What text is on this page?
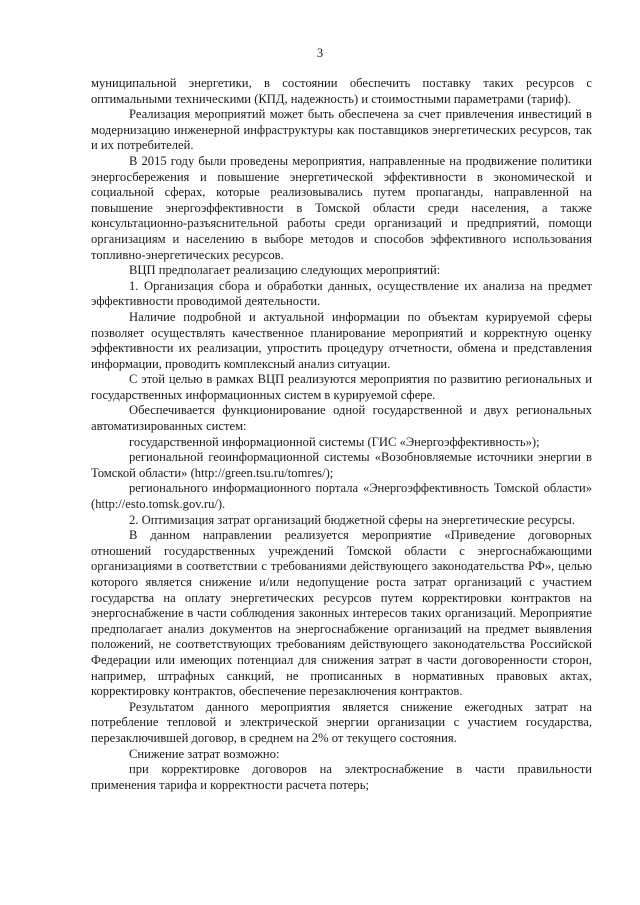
3

муниципальной энергетики, в состоянии обеспечить поставку таких ресурсов с оптимальными техническими (КПД, надежность) и стоимостными параметрами (тариф).

Реализация мероприятий может быть обеспечена за счет привлечения инвестиций в модернизацию инженерной инфраструктуры как поставщиков энергетических ресурсов, так и их потребителей.

В 2015 году были проведены мероприятия, направленные на продвижение политики энергосбережения и повышение энергетической эффективности в экономической и социальной сферах, которые реализовывались путем пропаганды, направленной на повышение энергоэффективности в Томской области среди населения, а также консультационно-разъяснительной работы среди организаций и предприятий, помощи организациям и населению в выборе методов и способов эффективного использования топливно-энергетических ресурсов.

ВЦП предполагает реализацию следующих мероприятий:

1. Организация сбора и обработки данных, осуществление их анализа на предмет эффективности проводимой деятельности.

Наличие подробной и актуальной информации по объектам курируемой сферы позволяет осуществлять качественное планирование мероприятий и корректную оценку эффективности их реализации, упростить процедуру отчетности, обмена и представления информации, проводить комплексный анализ ситуации.

С этой целью в рамках ВЦП реализуются мероприятия по развитию региональных и государственных информационных систем в курируемой сфере.

Обеспечивается функционирование одной государственной и двух региональных автоматизированных систем:

государственной информационной системы (ГИС «Энергоэффективность»);

региональной геоинформационной системы «Возобновляемые источники энергии в Томской области» (http://green.tsu.ru/tomres/);

регионального информационного портала «Энергоэффективность Томской области» (http://esto.tomsk.gov.ru/).

2. Оптимизация затрат организаций бюджетной сферы на энергетические ресурсы.

В данном направлении реализуется мероприятие «Приведение договорных отношений государственных учреждений Томской области с энергоснабжающими организациями в соответствии с требованиями действующего законодательства РФ», целью которого является снижение и/или недопущение роста затрат организаций с участием государства на оплату энергетических ресурсов путем корректировки контрактов на энергоснабжение в части соблюдения законных интересов таких организаций. Мероприятие предполагает анализ документов на энергоснабжение организаций на предмет выявления положений, не соответствующих требованиям действующего законодательства Российской Федерации или имеющих потенциал для снижения затрат в части договоренности сторон, например, штрафных санкций, не прописанных в нормативных правовых актах, корректировку контрактов, обеспечение перезаключения контрактов.

Результатом данного мероприятия является снижение ежегодных затрат на потребление тепловой и электрической энергии организации с участием государства, перезаключившей договор, в среднем на 2% от текущего состояния.

Снижение затрат возможно:

при корректировке договоров на электроснабжение в части правильности применения тарифа и корректности расчета потерь;
